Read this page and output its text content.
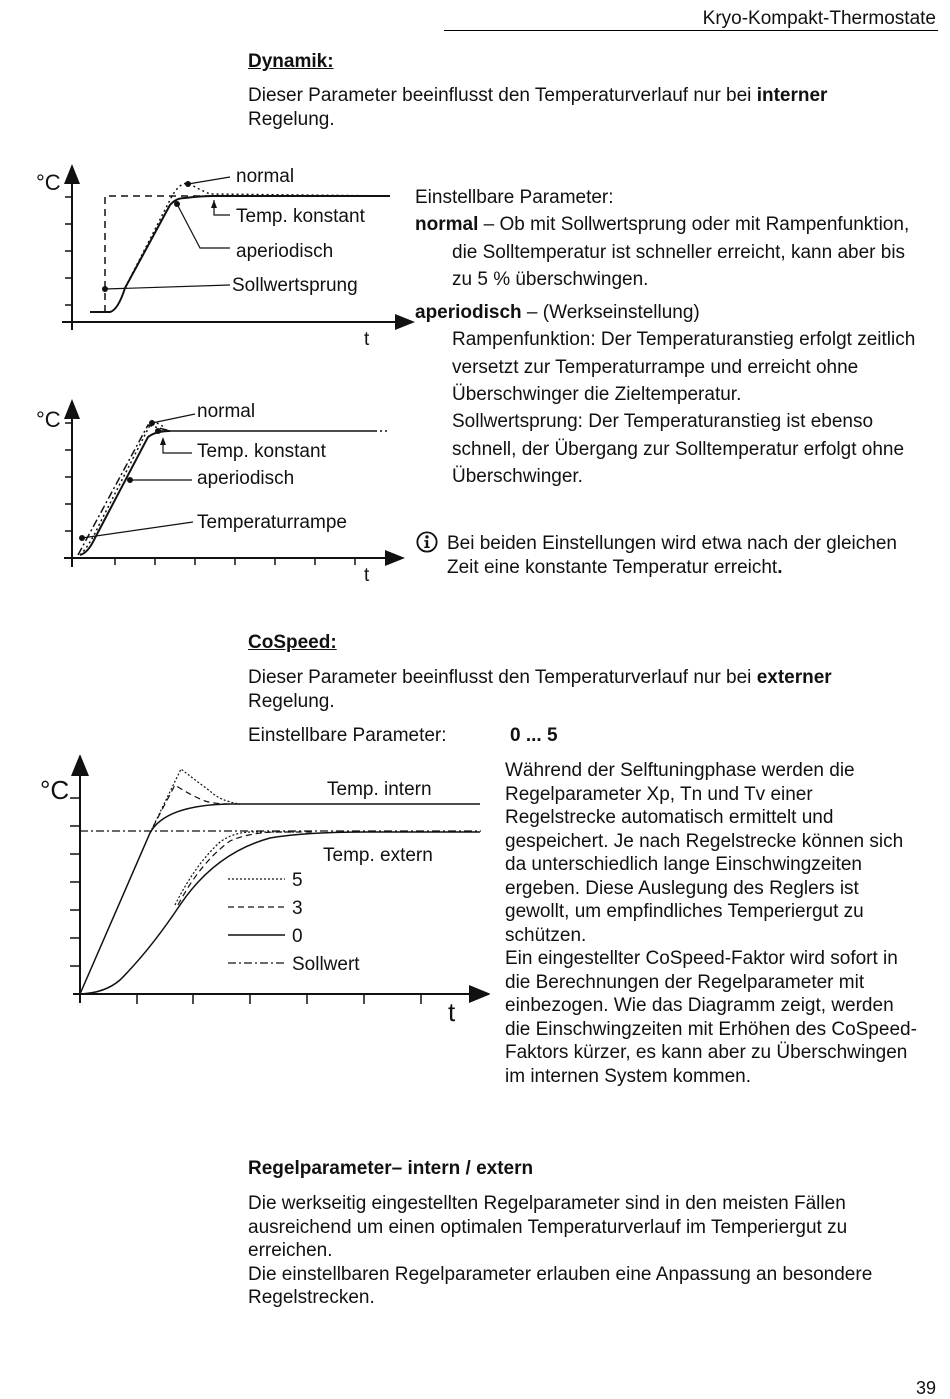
Kryo-Kompakt-Thermostate
Dynamik:
Dieser Parameter beeinflusst den Temperaturverlauf nur bei interner
Regelung.
°C
t
normal
Temp. konstant
aperiodisch
Sollwertsprung
°C
t
normal
Temp. konstant
aperiodisch
Temperaturrampe
Einstellbare Parameter:
normal – Ob mit Sollwertsprung oder mit Rampenfunktion,
die Solltemperatur ist schneller erreicht, kann aber bis
zu 5 % überschwingen.
aperiodisch – (Werkseinstellung)
Rampenfunktion: Der Temperaturanstieg erfolgt zeitlich
versetzt zur Temperaturrampe und erreicht ohne
Überschwinger die Zieltemperatur.
Sollwertsprung: Der Temperaturanstieg ist ebenso
schnell, der Übergang zur Solltemperatur erfolgt ohne
Überschwinger.
Bei beiden Einstellungen wird etwa nach der gleichen
Zeit eine konstante Temperatur erreicht.
CoSpeed:
Dieser Parameter beeinflusst den Temperaturverlauf nur bei externer
Regelung.
Einstellbare Parameter:	0 ... 5
5
3
0
Sollwert
°C
t
Temp. intern
Temp. extern
Während der Selftuningphase werden die
Regelparameter Xp, Tn und Tv einer
Regelstrecke automatisch ermittelt und
gespeichert. Je nach Regelstrecke können sich
da unterschiedlich lange Einschwingzeiten
ergeben. Diese Auslegung des Reglers ist
gewollt, um empfindliches Temperiergut zu
schützen.
Ein eingestellter CoSpeed-Faktor wird sofort in
die Berechnungen der Regelparameter mit
einbezogen. Wie das Diagramm zeigt, werden
die Einschwingzeiten mit Erhöhen des CoSpeed-
Faktors kürzer, es kann aber zu Überschwingen
im internen System kommen.
Regelparameter– intern / extern
Die werkseitig eingestellten Regelparameter sind in den meisten Fällen
ausreichend um einen optimalen Temperaturverlauf im Temperiergut zu
erreichen.
Die einstellbaren Regelparameter erlauben eine Anpassung an besondere
Regelstrecken.
39
